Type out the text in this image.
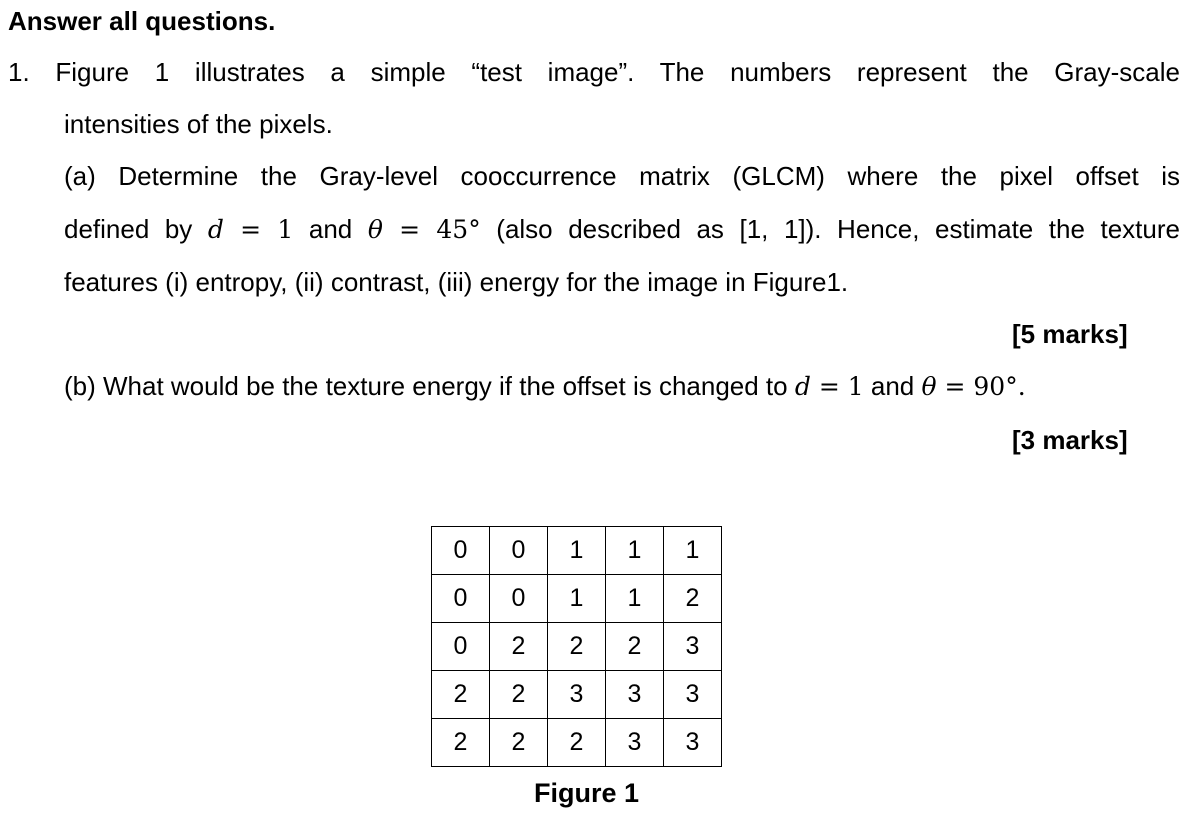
Answer all questions.
1. Figure 1 illustrates a simple “test image”. The numbers represent the Gray-scale
intensities of the pixels.
(a) Determine the Gray-level cooccurrence matrix (GLCM) where the pixel offset is
defined by d = 1 and θ = 45° (also described as [1, 1]). Hence, estimate the texture
features (i) entropy, (ii) contrast, (iii) energy for the image in Figure1.
[5 marks]
(b) What would be the texture energy if the offset is changed to d = 1 and θ = 90°.
[3 marks]
0	0	1	1	1
0	0	1	1	2
0	2	2	2	3
2	2	3	3	3
2	2	2	3	3
Figure 1
